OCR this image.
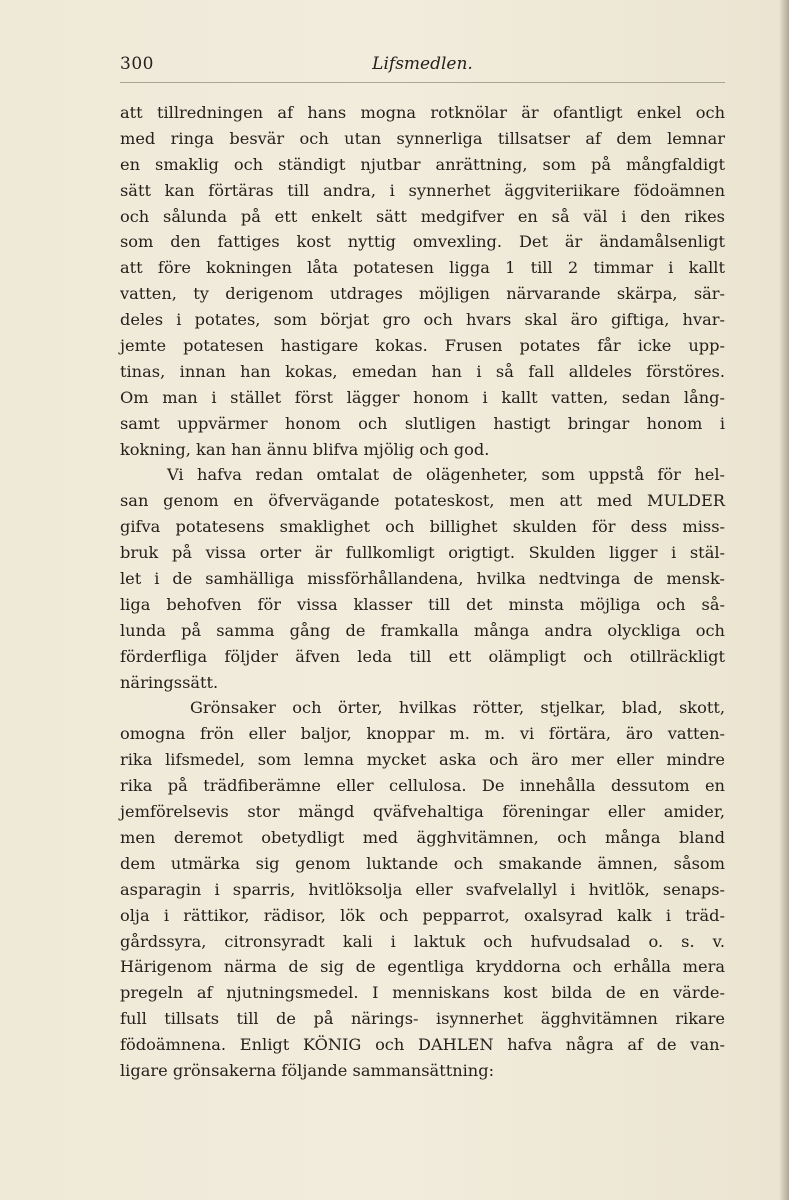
300	Lifsmedlen.
att tillredningen af hans mogna rotknölar är ofantligt enkel och
med ringa besvär och utan synnerliga tillsatser af dem lemnar
en smaklig och ständigt njutbar anrättning, som på mångfaldigt
sätt kan förtäras till andra, i synnerhet äggviteriikare födoämnen
och sålunda på ett enkelt sätt medgifver en så väl i den rikes
som den fattiges kost nyttig omvexling. Det är ändamålsenligt
att före kokningen låta potatesen ligga 1 till 2 timmar i kallt
vatten, ty derigenom utdrages möjligen närvarande skärpa, sär-
deles i potates, som börjat gro och hvars skal äro giftiga, hvar-
jemte potatesen hastigare kokas. Frusen potates får icke upp-
tinas, innan han kokas, emedan han i så fall alldeles förstöres.
Om man i stället först lägger honom i kallt vatten, sedan lång-
samt uppvärmer honom och slutligen hastigt bringar honom i
kokning, kan han ännu blifva mjölig och god.
Vi hafva redan omtalat de olägenheter, som uppstå för hel-
san genom en öfvervägande potateskost, men att med MULDER
gifva potatesens smaklighet och billighet skulden för dess miss-
bruk på vissa orter är fullkomligt origtigt. Skulden ligger i stäl-
let i de samhälliga missförhållandena, hvilka nedtvinga de mensk-
liga behofven för vissa klasser till det minsta möjliga och så-
lunda på samma gång de framkalla många andra olyckliga och
förderfliga följder äfven leda till ett olämpligt och otillräckligt
näringssätt.
Grönsaker och örter, hvilkas rötter, stjelkar, blad, skott,
omogna frön eller baljor, knoppar m. m. vi förtära, äro vatten-
rika lifsmedel, som lemna mycket aska och äro mer eller mindre
rika på trädfiberämne eller cellulosa. De innehålla dessutom en
jemförelsevis stor mängd qväfvehaltiga föreningar eller amider,
men deremot obetydligt med ägghvitämnen, och många bland
dem utmärka sig genom luktande och smakande ämnen, såsom
asparagin i sparris, hvitlöksolja eller svafvelallyl i hvitlök, senaps-
olja i rättikor, rädisor, lök och pepparrot, oxalsyrad kalk i träd-
gårdssyra, citronsyradt kali i laktuk och hufvudsalad o. s. v.
Härigenom närma de sig de egentliga kryddorna och erhålla mera
pregeln af njutningsmedel. I menniskans kost bilda de en värde-
full tillsats till de på närings- isynnerhet ägghvitämnen rikare
födoämnena. Enligt KÖNIG och DAHLEN hafva några af de van-
ligare grönsakerna följande sammansättning:
